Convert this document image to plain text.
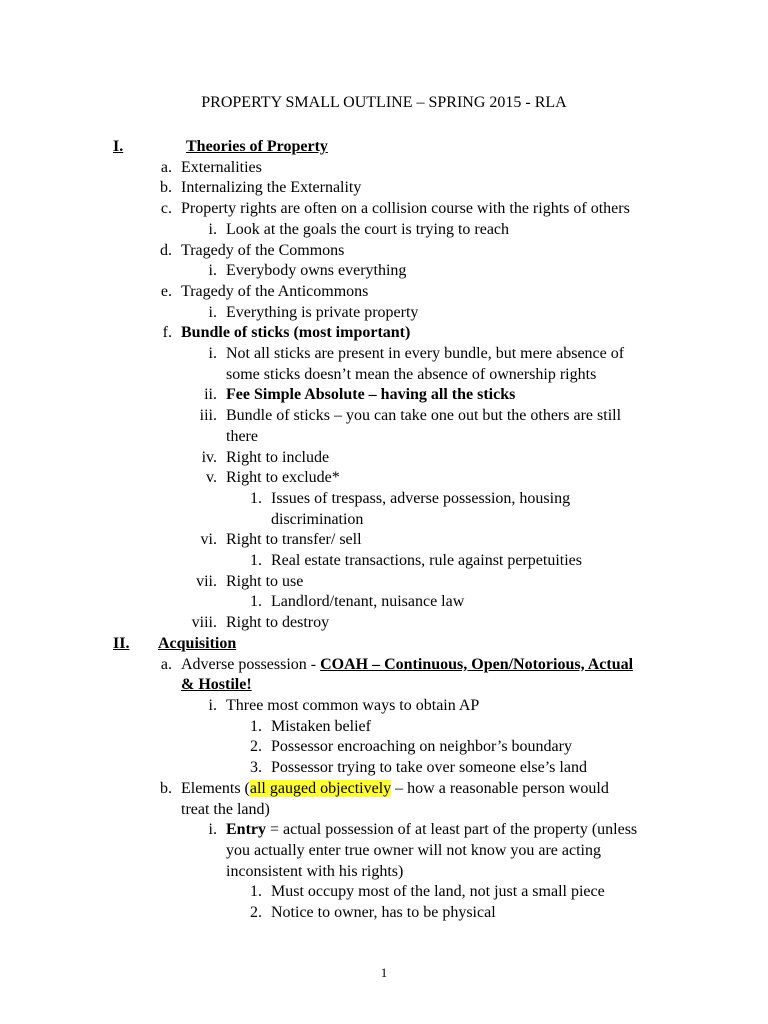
PROPERTY SMALL OUTLINE – SPRING 2015 - RLA
I.	Theories of Property
a. Externalities
b. Internalizing the Externality
c. Property rights are often on a collision course with the rights of others
i. Look at the goals the court is trying to reach
d. Tragedy of the Commons
i. Everybody owns everything
e. Tragedy of the Anticommons
i. Everything is private property
f. Bundle of sticks (most important)
i. Not all sticks are present in every bundle, but mere absence of
some sticks doesn’t mean the absence of ownership rights
ii. Fee Simple Absolute – having all the sticks
iii. Bundle of sticks – you can take one out but the others are still
there
iv. Right to include
v. Right to exclude*
1. Issues of trespass, adverse possession, housing
discrimination
vi. Right to transfer/ sell
1. Real estate transactions, rule against perpetuities
vii. Right to use
1. Landlord/tenant, nuisance law
viii. Right to destroy
II.	Acquisition
a. Adverse possession - COAH – Continuous, Open/Notorious, Actual
& Hostile!
i. Three most common ways to obtain AP
1. Mistaken belief
2. Possessor encroaching on neighbor’s boundary
3. Possessor trying to take over someone else’s land
b. Elements (all gauged objectively – how a reasonable person would
treat the land)
i. Entry = actual possession of at least part of the property (unless
you actually enter true owner will not know you are acting
inconsistent with his rights)
1. Must occupy most of the land, not just a small piece
2. Notice to owner, has to be physical
1
